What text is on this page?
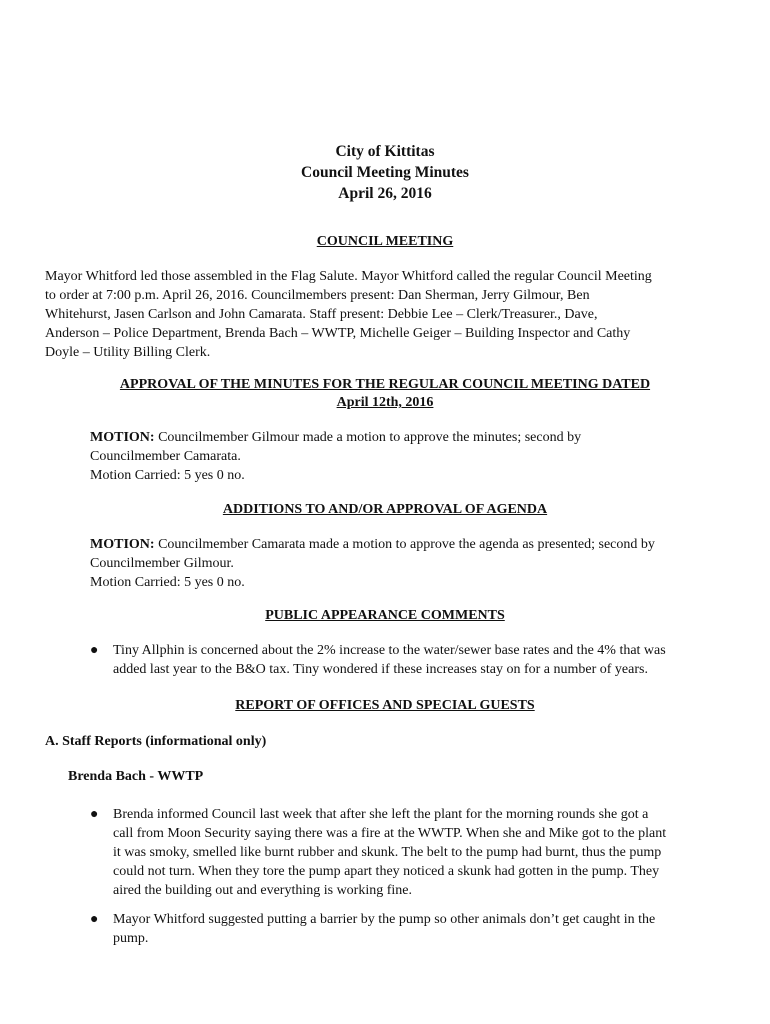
City of Kittitas
Council Meeting Minutes
April 26, 2016
COUNCIL MEETING
Mayor Whitford led those assembled in the Flag Salute. Mayor Whitford called the regular Council Meeting
to order at 7:00 p.m. April 26, 2016. Councilmembers present: Dan Sherman, Jerry Gilmour, Ben
Whitehurst, Jasen Carlson and John Camarata. Staff present: Debbie Lee – Clerk/Treasurer., Dave,
Anderson – Police Department, Brenda Bach – WWTP, Michelle Geiger – Building Inspector and Cathy
Doyle – Utility Billing Clerk.
APPROVAL OF THE MINUTES FOR THE REGULAR COUNCIL MEETING DATED
April 12th, 2016
MOTION: Councilmember Gilmour made a motion to approve the minutes; second by
Councilmember Camarata.
Motion Carried: 5 yes 0 no.
ADDITIONS TO AND/OR APPROVAL OF AGENDA
MOTION: Councilmember Camarata made a motion to approve the agenda as presented; second by
Councilmember Gilmour.
Motion Carried: 5 yes 0 no.
PUBLIC APPEARANCE COMMENTS
● Tiny Allphin is concerned about the 2% increase to the water/sewer base rates and the 4% that was
added last year to the B&O tax. Tiny wondered if these increases stay on for a number of years.
REPORT OF OFFICES AND SPECIAL GUESTS
A. Staff Reports (informational only)
Brenda Bach - WWTP
● Brenda informed Council last week that after she left the plant for the morning rounds she got a
call from Moon Security saying there was a fire at the WWTP. When she and Mike got to the plant
it was smoky, smelled like burnt rubber and skunk. The belt to the pump had burnt, thus the pump
could not turn. When they tore the pump apart they noticed a skunk had gotten in the pump. They
aired the building out and everything is working fine.
● Mayor Whitford suggested putting a barrier by the pump so other animals don’t get caught in the
pump.
